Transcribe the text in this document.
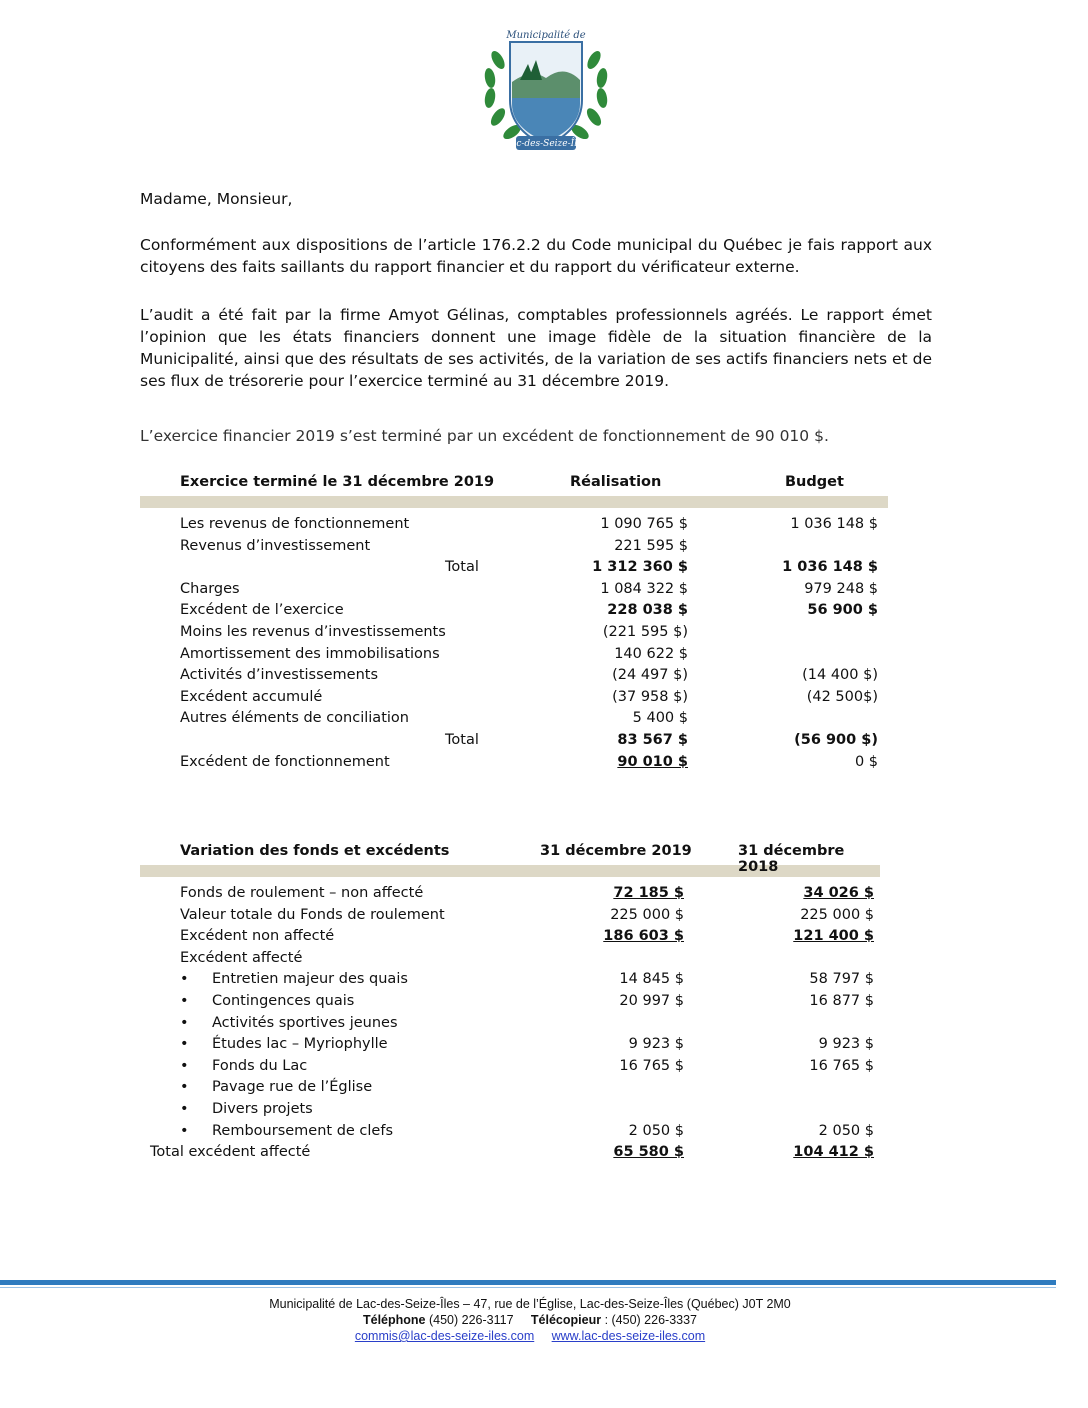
Municipalité de
Lac-des-Seize-Îles
Madame, Monsieur,
Conformément aux dispositions de l’article 176.2.2 du Code municipal du Québec je fais rapport aux citoyens des faits saillants du rapport financier et du rapport du vérificateur externe.
L’audit a été fait par la firme Amyot Gélinas, comptables professionnels agréés. Le rapport émet l’opinion que les états financiers donnent une image fidèle de la situation financière de la Municipalité, ainsi que des résultats de ses activités, de la variation de ses actifs financiers nets et de ses flux de trésorerie pour l’exercice terminé au 31 décembre 2019.
L’exercice financier 2019 s’est terminé par un excédent de fonctionnement de 90 010 $.
Exercice terminé le 31 décembre 2019	Réalisation	Budget
Les revenus de fonctionnement	1 090 765 $	1 036 148 $
Revenus d’investissement	221 595 $
Total	1 312 360 $	1 036 148 $
Charges	1 084 322 $	979 248 $
Excédent de l’exercice	228 038 $	56 900 $
Moins les revenus d’investissements	(221 595 $)
Amortissement des immobilisations	140 622 $
Activités d’investissements	(24 497 $)	(14 400 $)
Excédent accumulé	(37 958 $)	(42 500$)
Autres éléments de conciliation	5 400 $
Total	83 567 $	(56 900 $)
Excédent de fonctionnement	90 010 $	0 $
Variation des fonds et excédents	31 décembre 2019	31 décembre 2018
Fonds de roulement – non affecté	72 185 $	34 026 $
Valeur totale du Fonds de roulement	225 000 $	225 000 $
Excédent non affecté	186 603 $	121 400 $
Excédent affecté
• Entretien majeur des quais	14 845 $	58 797 $
• Contingences quais	20 997 $	16 877 $
• Activités sportives jeunes
• Études lac – Myriophylle	9 923 $	9 923 $
• Fonds du Lac	16 765 $	16 765 $
• Pavage rue de l’Église
• Divers projets
• Remboursement de clefs	2 050 $	2 050 $
Total excédent affecté	65 580 $	104 412 $
Municipalité de Lac-des-Seize-Îles – 47, rue de l’Église, Lac-des-Seize-Îles (Québec) J0T 2M0
Téléphone (450) 226-3117 Télécopieur : (450) 226-3337
commis@lac-des-seize-iles.com www.lac-des-seize-iles.com
